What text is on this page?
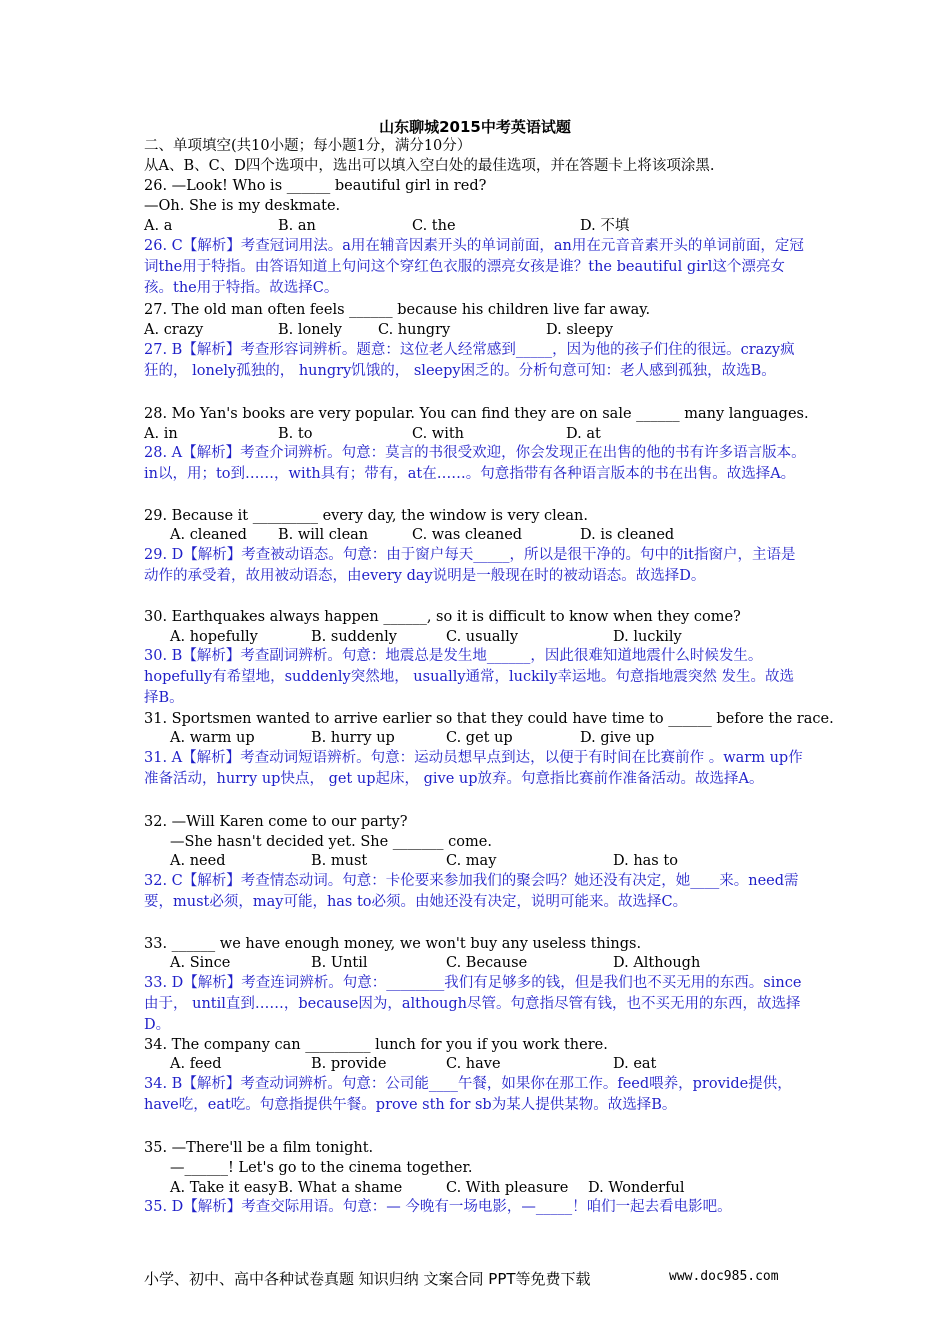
山东聊城2015中考英语试题
二、单项填空(共10小题；每小题1分，满分10分）
从A、B、C、D四个选项中，选出可以填入空白处的最佳选项，并在答题卡上将该项涂黑.
26. —Look! Who is ______ beautiful girl in red?
—Oh. She is my deskmate.
A. a	B. an	C. the	D. 不填
26. C【解析】考查冠词用法。a用在辅音因素开头的单词前面，an用在元音音素开头的单词前面，定冠词the用于特指。由答语知道上句问这个穿红色衣服的漂亮女孩是谁？the beautiful girl这个漂亮女孩。the用于特指。故选择C。
27. The old man often feels ______ because his children live far away.
A. crazy	B. lonely C. hungry	D. sleepy
27. B【解析】考查形容词辨析。题意：这位老人经常感到_____，因为他的孩子们住的很远。crazy疯狂的， lonely孤独的， hungry饥饿的， sleepy困乏的。分析句意可知：老人感到孤独，故选B。
28. Mo Yan's books are very popular. You can find they are on sale ______ many languages.
A. in	B. to	C. with	D. at
28. A【解析】考查介词辨析。句意：莫言的书很受欢迎，你会发现正在出售的他的书有许多语言版本。in以，用；to到……，with具有；带有，at在……。句意指带有各种语言版本的书在出售。故选择A。
29. Because it _________ every day, the window is very clean.
A. cleaned B. will clean	C. was cleaned	D. is cleaned
29. D【解析】考查被动语态。句意：由于窗户每天_____，所以是很干净的。句中的it指窗户，主语是动作的承受着，故用被动语态，由every day说明是一般现在时的被动语态。故选择D。
30. Earthquakes always happen ______, so it is difficult to know when they come?
A. hopefully	B. suddenly	C. usually	D. luckily
30. B【解析】考查副词辨析。句意：地震总是发生地______，因此很难知道地震什么时候发生。hopefully有希望地，suddenly突然地， usually通常，luckily幸运地。句意指地震突然 发生。故选择B。
31. Sportsmen wanted to arrive earlier so that they could have time to ______ before the race.
A. warm up	B. hurry up	C. get up	D. give up
31. A【解析】考查动词短语辨析。句意：运动员想早点到达，以便于有时间在比赛前作 。warm up作准备活动，hurry up快点， get up起床， give up放弃。句意指比赛前作准备活动。故选择A。
32. —Will Karen come to our party?
—She hasn't decided yet. She _______ come.
A. need	B. must	C. may	D. has to
32. C【解析】考查情态动词。句意：卡伦要来参加我们的聚会吗？她还没有决定，她____来。need需要，must必须，may可能，has to必须。由她还没有决定，说明可能来。故选择C。
33. ______ we have enough money, we won't buy any useless things.
A. Since	B. Until	C. Because	D. Although
33. D【解析】考查连词辨析。句意：________我们有足够多的钱，但是我们也不买无用的东西。since由于， until直到……，because因为，although尽管。句意指尽管有钱，也不买无用的东西，故选择D。
34. The company can _________ lunch for you if you work there.
A. feed	B. provide	C. have	D. eat
34. B【解析】考查动词辨析。句意：公司能____午餐，如果你在那工作。feed喂养，provide提供，have吃，eat吃。句意指提供午餐。prove sth for sb为某人提供某物。故选择B。
35. —There'll be a film tonight.
—______! Let's go to the cinema together.
A. Take it easy B. What a shame	C. With pleasure D. Wonderful
35. D【解析】考查交际用语。句意：— 今晚有一场电影，—_____！咱们一起去看电影吧。
小学、初中、高中各种试卷真题 知识归纳 文案合同 PPT等免费下载	www.doc985.com
